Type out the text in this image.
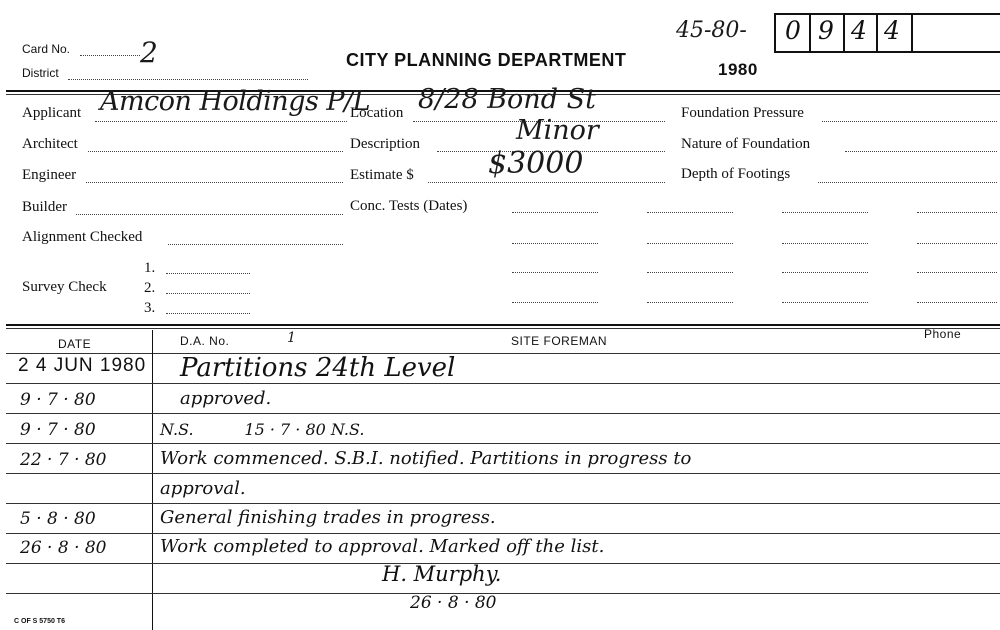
Card No. 2
District
CITY PLANNING DEPARTMENT	1980
45-80- 0 9 4 4
Applicant Amcon Holdings P/L
Architect
Engineer
Builder
Alignment Checked
Survey Check
1.
2.
3.
Location 8/28 Bond St
Description	Minor
Estimate $ $3000
Conc. Tests (Dates)
Foundation Pressure
Nature of Foundation
Depth of Footings
DATE	D.A. No.	1	SITE FOREMAN	Phone
2 4 JUN 1980 Partitions 24th Level
9 · 7 · 80	approved.
9 · 7 · 80	N.S.          15 · 7 · 80 N.S.
22 · 7 · 80	Work commenced. S.B.I. notified. Partitions in progress to
approval.
5 · 8 · 80	General finishing trades in progress.
26 · 8 · 80	Work completed to approval. Marked off the list.
H. Murphy.
26 · 8 · 80
C OF S 5750 T6
